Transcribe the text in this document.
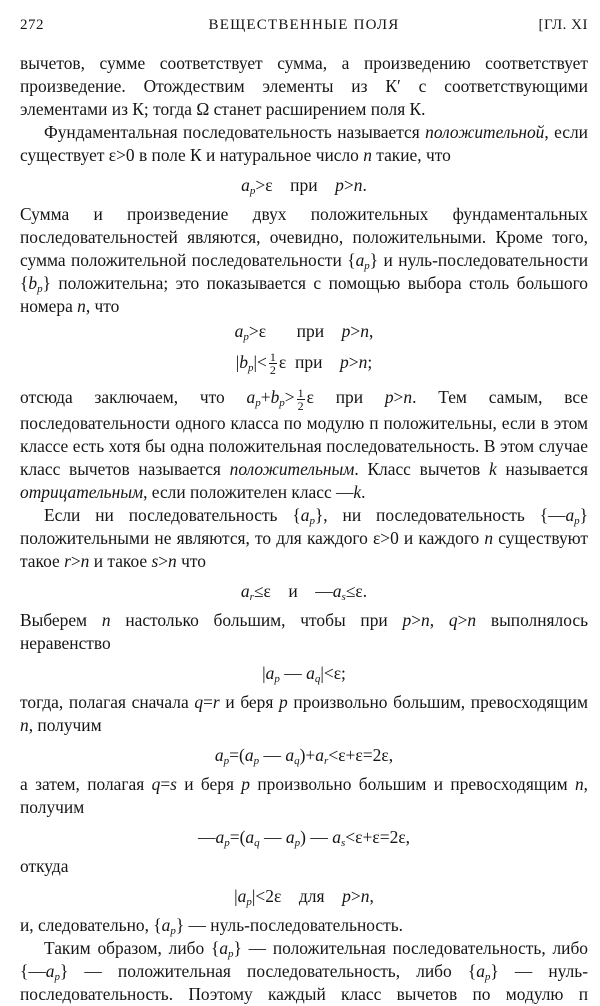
272	ВЕЩЕСТВЕННЫЕ ПОЛЯ	[ГЛ. XI

вычетов, сумме соответствует сумма, а произведению соответствует произведение. Отождествим элементы из К′ с соответствующими элементами из К; тогда Ω станет расширением поля К.

Фундаментальная последовательность называется положительной, если существует ε>0 в поле К и натуральное число n такие, что

$a_p>\varepsilon$    при    p>n.

Сумма и произведение двух положительных фундаментальных последовательностей являются, очевидно, положительными. Кроме того, сумма положительной последовательности $\{a_p\}$ и нуль-последовательности $\{b_p\}$ положительна; это показывается с помощью выбора столь большого номера n, что

$a_p>\varepsilon$       при    p>n,
$|b_p|< \frac{1}{2}$ ε  при    p>n;

отсюда заключаем, что $a_p+b_p> \frac{1}{2}$ ε при p>n. Тем самым, все последовательности одного класса по модулю п положительны, если в этом классе есть хотя бы одна положительная последовательность. В этом случае класс вычетов называется положительным. Класс вычетов k называется отрицательным, если положителен класс —k.

Если ни последовательность $\{a_p\}$, ни последовательность $\{—a_p\}$ положительными не являются, то для каждого ε>0 и каждого n существуют такое r>n и такое s>n что

$a_r\le\varepsilon$    и    $—a_s\le\varepsilon$.

Выберем n настолько большим, чтобы при p>n, q>n выполнялось неравенство

$|a_p$ — $a_q|<\varepsilon$;

тогда, полагая сначала q=r и беря p произвольно большим, превосходящим n, получим

$a_p=(a_p$ — $a_q)+a_r<\varepsilon+\varepsilon=2\varepsilon$,

а затем, полагая q=s и беря p произвольно большим и превосходящим n, получим

$—a_p=(a_q$ — $a_p$) — $a_s<\varepsilon+\varepsilon=2\varepsilon$,

откуда

$|a_p|<2\varepsilon$    для    p>n,

и, следовательно, $\{a_p\}$ — нуль-последовательность.

Таким образом, либо $\{a_p\}$ — положительная последовательность, либо $\{—a_p\}$ — положительная последовательность, либо $\{a_p\}$ — нуль-последовательность. Поэтому каждый класс вычетов по модулю п
